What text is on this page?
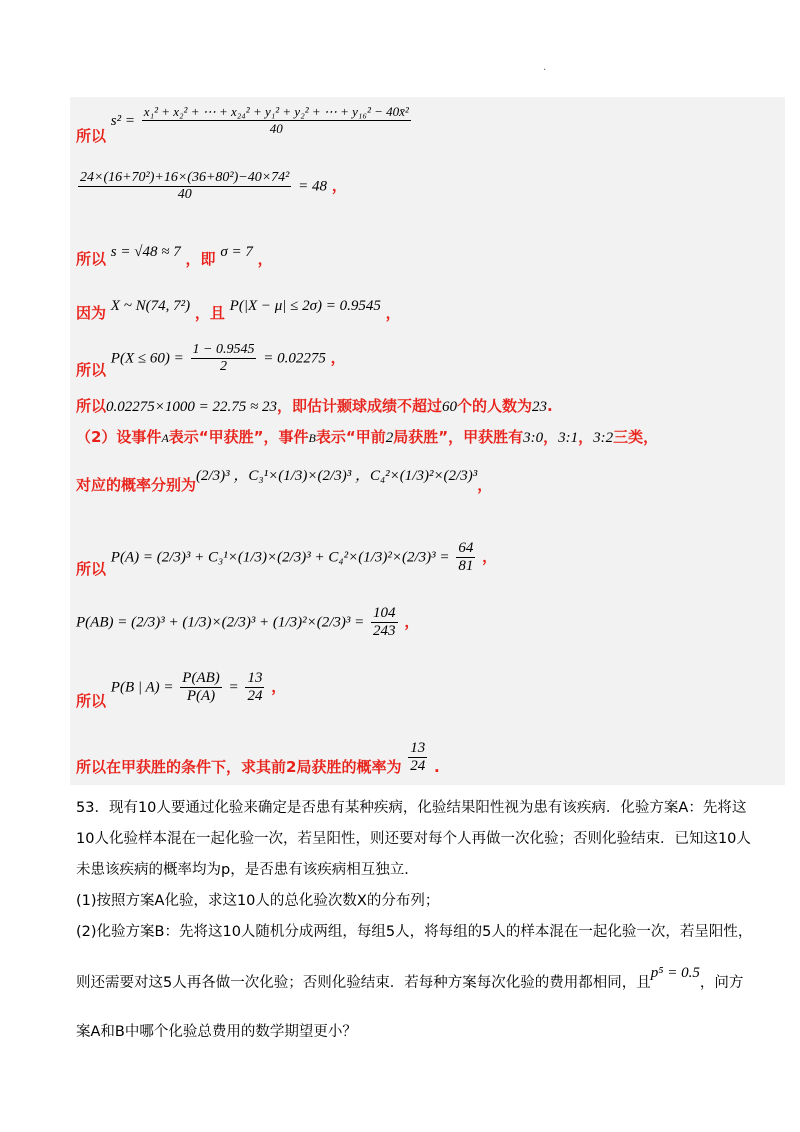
.
所以 $s^2 = \frac{\text{x₁² + x₂² + ⋯ + x₂₄² + y₁² + y₂² + ⋯ + y₁₆² − 40x̄²}}{40}$
$\frac{\text{24×(16+70²)+16×(36+80²)−40×74²}}{40} = 48$ ，
所以 s = √48 ≈ 7 ，即 σ = 7 ，
因为 X ~ N(74, 7²) ，且 P(|X − μ| ≤ 2σ) = 0.9545 ，
所以 $P(X \le 60) = \frac{1 - 0.9545}{2} = 0.02275$ ，
所以0.02275×1000 = 22.75 ≈ 23，即估计颞球成绩不超过60个的人数为23.
（2）设事件A表示“甲获胜”，事件B表示“甲前2局获胜”，甲获胜有3:0，3:1，3:2三类，
对应的概率分别为(2/3)³ ，C₃¹×(1/3)×(2/3)³ ，C₄²×(1/3)²×(2/3)³，
所以 $P(A) = (2/3)^3 + C_3^1\times(1/3)\times(2/3)^3 + C_4^2\times(1/3)^2\times(2/3)^3 = \frac{64}{81}$ ，
$P(AB) = (2/3)^3 + (1/3)\times(2/3)^3 + (1/3)^2\times(2/3)^3 = \frac{104}{243}$ ，
所以 P(B | $A) = \frac{P(AB)}{P(A)} = \frac{13}{24}$ ，
所以在甲获胜的条件下，求其前2局获胜的概率为 $\frac{13}{24}$ .
53．现有10人要通过化验来确定是否患有某种疾病，化验结果阳性视为患有该疾病．化验方案A：先将这
10人化验样本混在一起化验一次，若呈阳性，则还要对每个人再做一次化验；否则化验结束．已知这10人
未患该疾病的概率均为p，是否患有该疾病相互独立．
(1)按照方案A化验，求这10人的总化验次数X的分布列；
(2)化验方案B：先将这10人随机分成两组，每组5人，将每组的5人的样本混在一起化验一次，若呈阳性，
则还需要对这5人再各做一次化验；否则化验结束．若每种方案每次化验的费用都相同，且p⁵ = 0.5，问方
案A和B中哪个化验总费用的数学期望更小？
